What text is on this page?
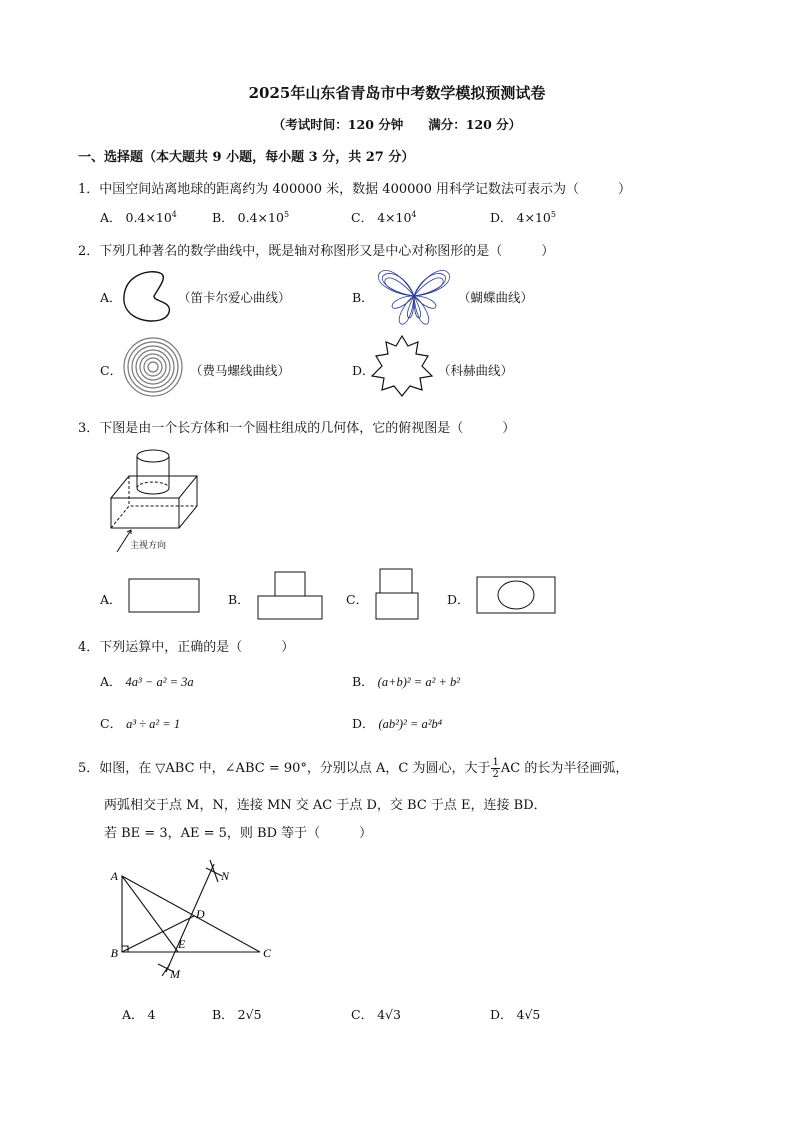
2025年山东省青岛市中考数学模拟预测试卷
（考试时间：120 分钟　　满分：120 分）
一、选择题（本大题共 9 小题，每小题 3 分，共 27 分）
1．中国空间站离地球的距离约为 400000 米，数据 400000 用科学记数法可表示为（　　　）
A． $0.4\times 10^4$	B． $0.4\times 10^5$	C． $4\times 10^4$	D． $4\times 10^5$
2．下列几种著名的数学曲线中，既是轴对称图形又是中心对称图形的是（　　　）
A．	（笛卡尔爱心曲线）	B．	（蝴蝶曲线）
C．	（费马螺线曲线）	D．	（科赫曲线）
3．下图是由一个长方体和一个圆柱组成的几何体，它的俯视图是（　　　）
主视方向
A．	B．	C．	D．
4．下列运算中，正确的是（　　　）
A． 4a³ − a² = 3a	B． (a+b)² = a² + b²
C． a³ ÷ a² = 1	D． (ab²)² = a²b⁴
5．如图，在 ▽ABC 中，∠ABC = 90°，分别以点 A，C 为圆心，大于 $\frac{1}{2}$ AC 的长为半径画弧，
两弧相交于点 M，N，连接 MN 交 AC 于点 D，交 BC 于点 E，连接 BD．
若 BE = 3，AE = 5，则 BD 等于（　　　）
A
B	C
D
E
M
N
A． 4	B． 2√5	C． 4√3	D． 4√5
